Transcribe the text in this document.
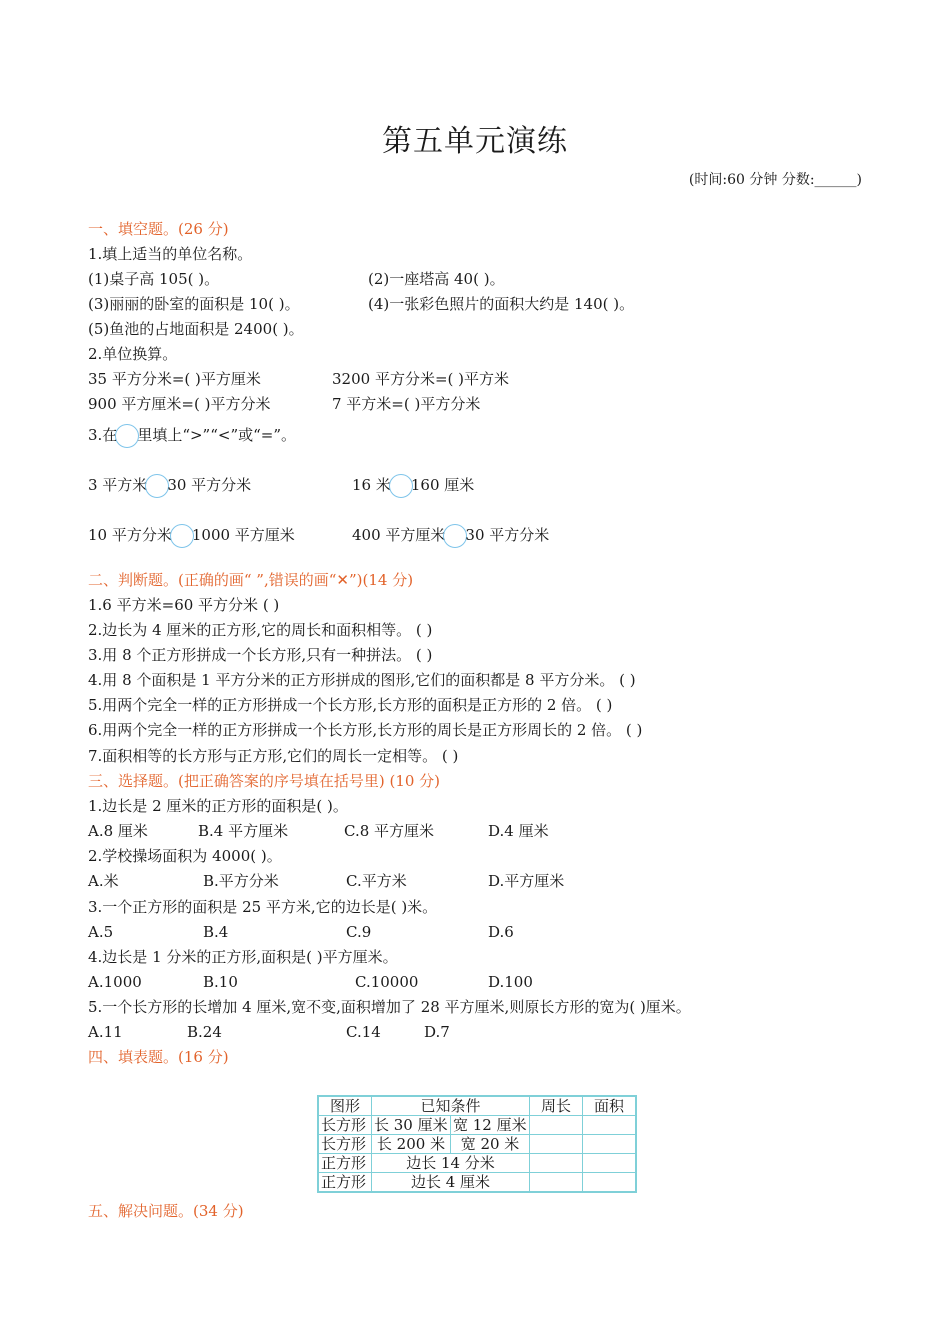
第五单元演练
(时间:60 分钟 分数:______)
一、填空题。(26 分)
1.填上适当的单位名称。
(1)桌子高 105( )。	(2)一座塔高 40( )。
(3)丽丽的卧室的面积是 10( )。	(4)一张彩色照片的面积大约是 140( )。
(5)鱼池的占地面积是 2400( )。
2.单位换算。
35 平方分米=( )平方厘米	3200 平方分米=( )平方米
900 平方厘米=( )平方分米	7 平方米=( )平方分米
3.在 里填上“>”“<”或“=”。
3 平方米 30 平方分米	16 米 160 厘米
10 平方分米 1000 平方厘米	400 平方厘米 30 平方分米
二、判断题。(正确的画“ ”,错误的画“✕”)(14 分)
1.6 平方米=60 平方分米 ( )
2.边长为 4 厘米的正方形,它的周长和面积相等。 ( )
3.用 8 个正方形拼成一个长方形,只有一种拼法。 ( )
4.用 8 个面积是 1 平方分米的正方形拼成的图形,它们的面积都是 8 平方分米。 ( )
5.用两个完全一样的正方形拼成一个长方形,长方形的面积是正方形的 2 倍。 ( )
6.用两个完全一样的正方形拼成一个长方形,长方形的周长是正方形周长的 2 倍。 ( )
7.面积相等的长方形与正方形,它们的周长一定相等。 ( )
三、选择题。(把正确答案的序号填在括号里) (10 分)
1.边长是 2 厘米的正方形的面积是( )。
A.8 厘米	B.4 平方厘米	C.8 平方厘米	D.4 厘米
2.学校操场面积为 4000( )。
A.米	B.平方分米	C.平方米	D.平方厘米
3.一个正方形的面积是 25 平方米,它的边长是( )米。
A.5	B.4	C.9	D.6
4.边长是 1 分米的正方形,面积是( )平方厘米。
A.1000	B.10	C.10000	D.100
5.一个长方形的长增加 4 厘米,宽不变,面积增加了 28 平方厘米,则原长方形的宽为( )厘米。
A.11	B.24	C.14	D.7
四、填表题。(16 分)
图形	已知条件		周长	面积
长方形	长 30 厘米	宽 12 厘米		
长方形	长 200 米	宽 20 米		
正方形	边长 14 分米			
正方形	边长 4 厘米			
五、解决问题。(34 分)
